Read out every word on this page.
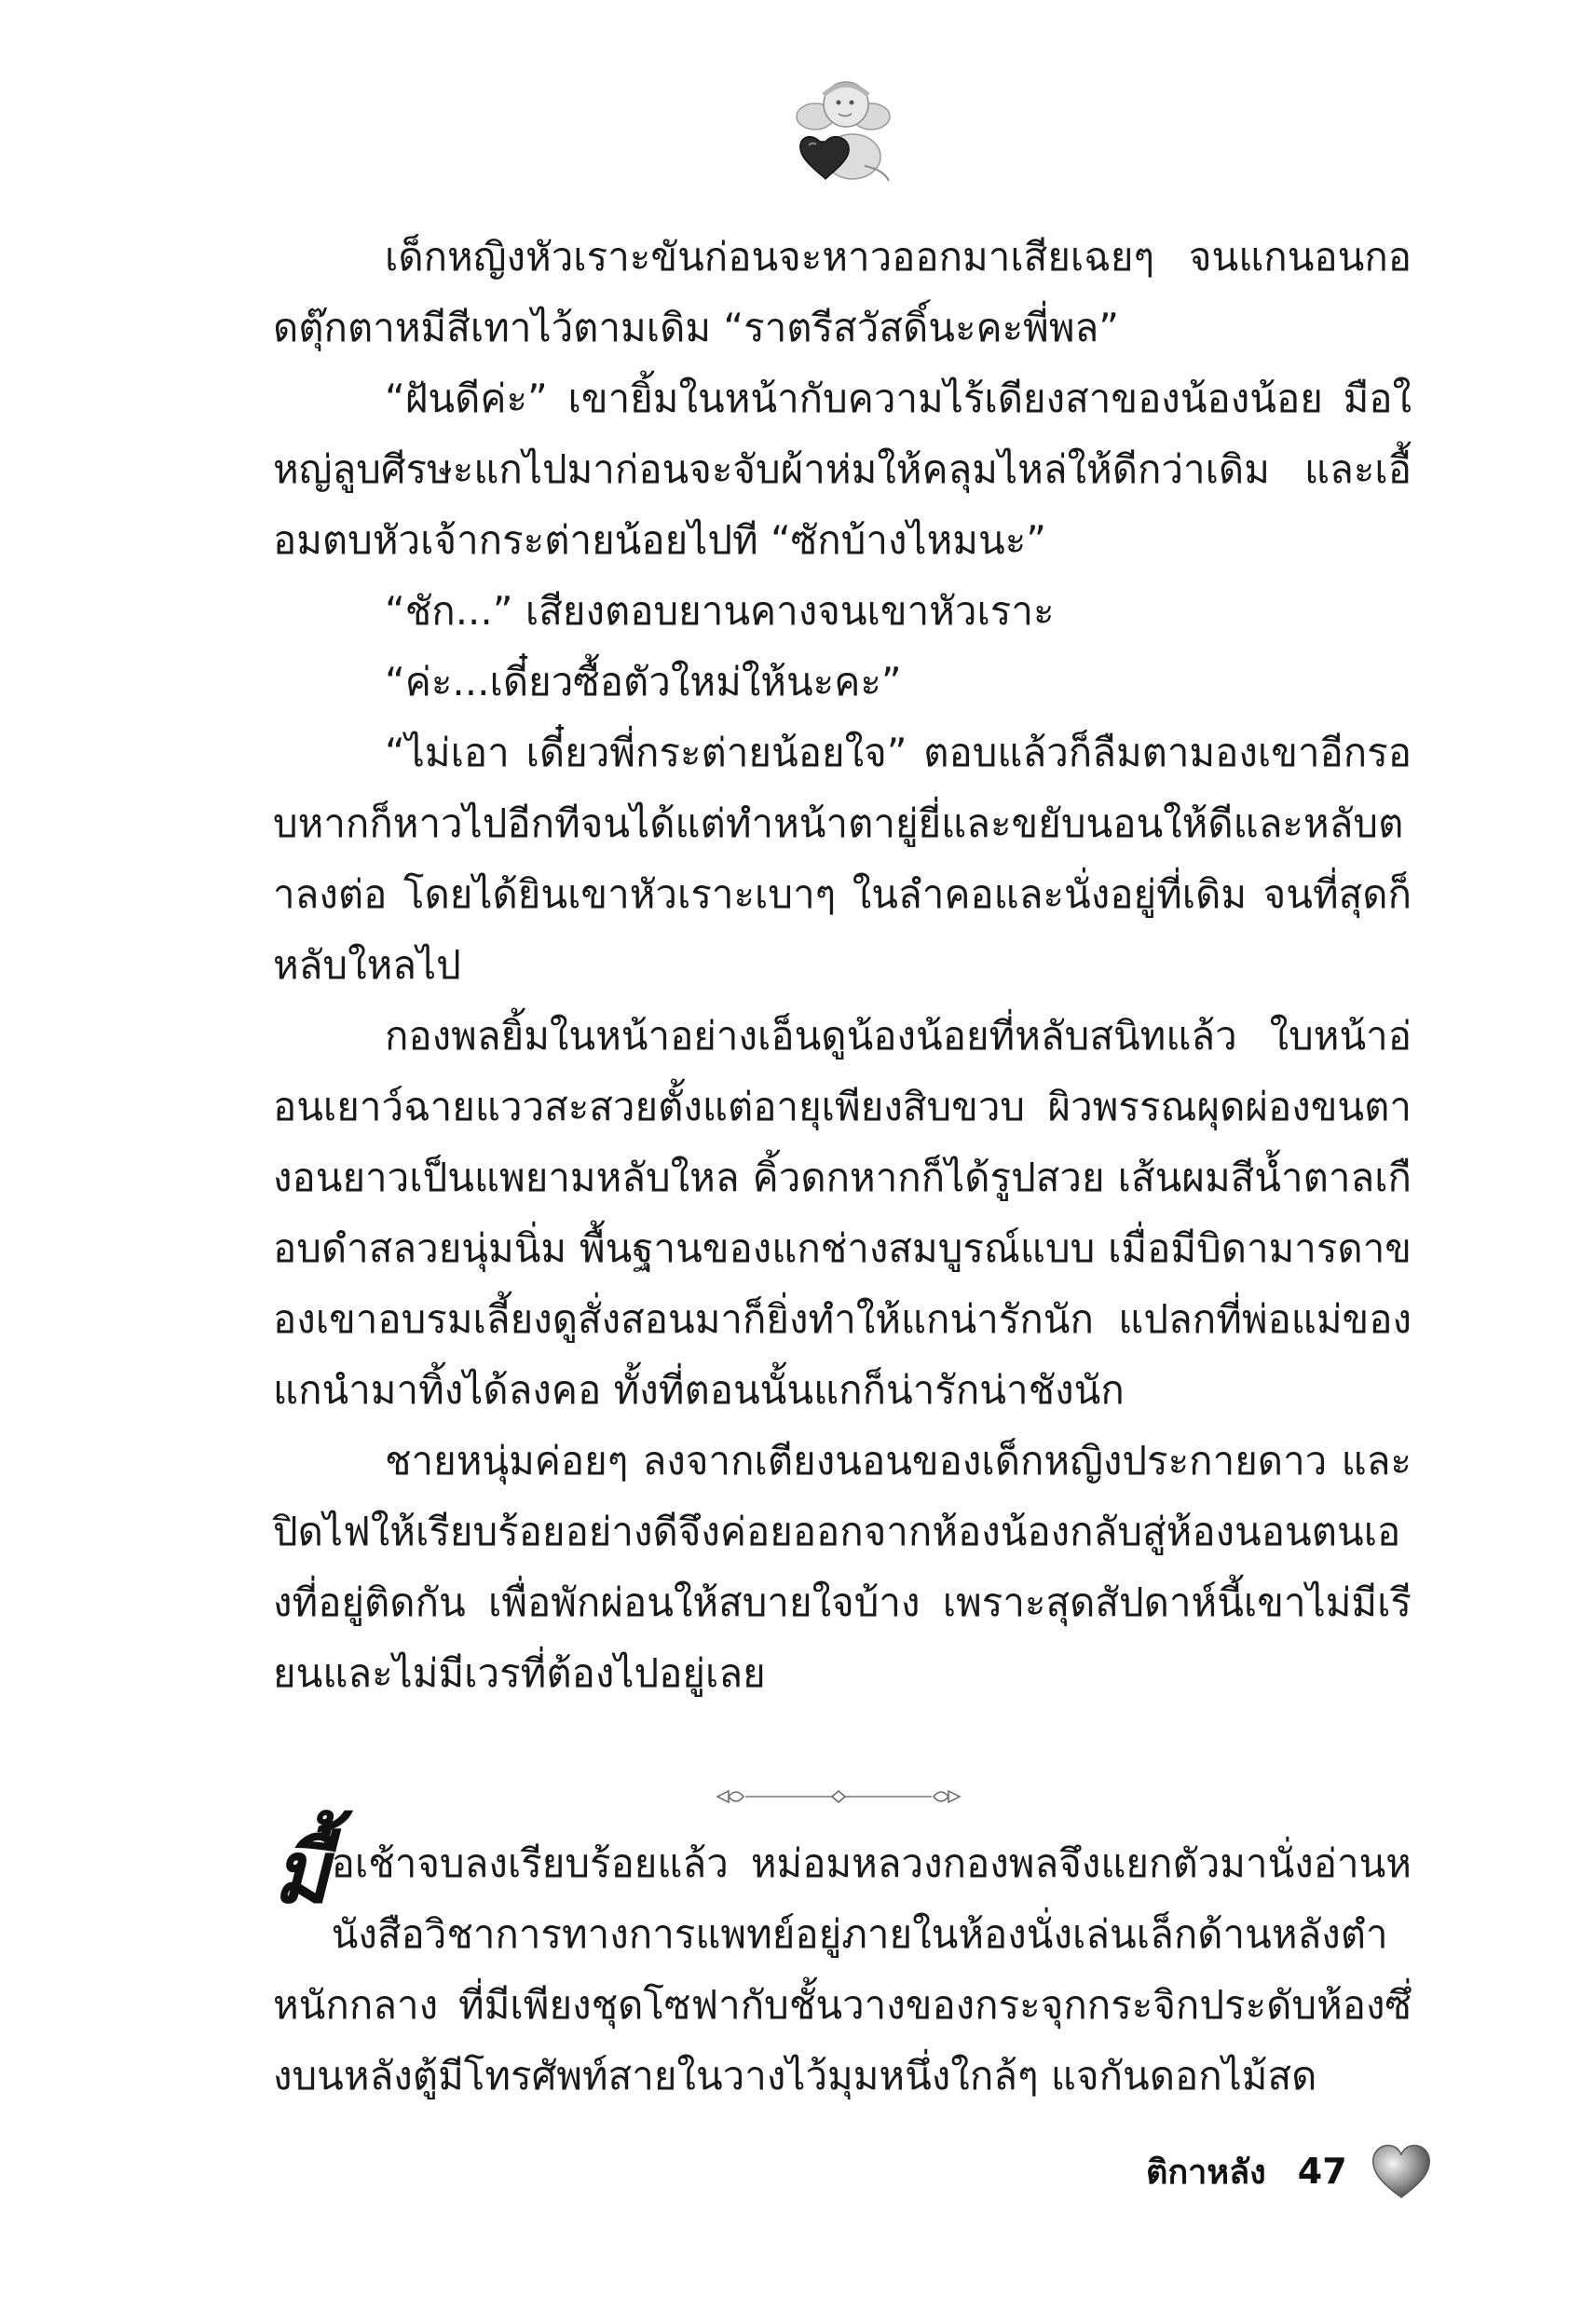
เด็กหญิงหัวเราะขันก่อนจะหาวออกมาเสียเฉยๆ จนแกนอนกอดตุ๊กตาหมีสีเทาไว้ตามเดิม “ราตรีสวัสดิ์นะคะพี่พล”

“ฝันดีค่ะ” เขายิ้มในหน้ากับความไร้เดียงสาของน้องน้อย มือใหญ่ลูบศีรษะแกไปมาก่อนจะจับผ้าห่มให้คลุมไหล่ให้ดีกว่าเดิม และเอื้อมตบหัวเจ้ากระต่ายน้อยไปที “ซักบ้างไหมนะ”

“ชัก...” เสียงตอบยานคางจนเขาหัวเราะ

“ค่ะ...เดี๋ยวซื้อตัวใหม่ให้นะคะ”

“ไม่เอา เดี๋ยวพี่กระต่ายน้อยใจ” ตอบแล้วก็ลืมตามองเขาอีกรอบหากก็หาวไปอีกทีจนได้แต่ทำหน้าตายู่ยี่และขยับนอนให้ดีและหลับตาลงต่อ โดยได้ยินเขาหัวเราะเบาๆ ในลำคอและนั่งอยู่ที่เดิม จนที่สุดก็หลับใหลไป

กองพลยิ้มในหน้าอย่างเอ็นดูน้องน้อยที่หลับสนิทแล้ว ใบหน้าอ่อนเยาว์ฉายแววสะสวยตั้งแต่อายุเพียงสิบขวบ ผิวพรรณผุดผ่องขนตางอนยาวเป็นแพยามหลับใหล คิ้วดกหากก็ได้รูปสวย เส้นผมสีน้ำตาลเกือบดำสลวยนุ่มนิ่ม พื้นฐานของแกช่างสมบูรณ์แบบ เมื่อมีบิดามารดาของเขาอบรมเลี้ยงดูสั่งสอนมาก็ยิ่งทำให้แกน่ารักนัก แปลกที่พ่อแม่ของแกนำมาทิ้งได้ลงคอ ทั้งที่ตอนนั้นแกก็น่ารักน่าชังนัก

ชายหนุ่มค่อยๆ ลงจากเตียงนอนของเด็กหญิงประกายดาว และปิดไฟให้เรียบร้อยอย่างดีจึงค่อยออกจากห้องน้องกลับสู่ห้องนอนตนเองที่อยู่ติดกัน เพื่อพักผ่อนให้สบายใจบ้าง เพราะสุดสัปดาห์นี้เขาไม่มีเรียนและไม่มีเวรที่ต้องไปอยู่เลย

มื้อเช้าจบลงเรียบร้อยแล้ว หม่อมหลวงกองพลจึงแยกตัวมานั่งอ่านหนังสือวิชาการทางการแพทย์อยู่ภายในห้องนั่งเล่นเล็กด้านหลังตำหนักกลาง ที่มีเพียงชุดโซฟากับชั้นวางของกระจุกกระจิกประดับห้องซึ่งบนหลังตู้มีโทรศัพท์สายในวางไว้มุมหนึ่งใกล้ๆ แจกันดอกไม้สด

ติกาหลัง 47
